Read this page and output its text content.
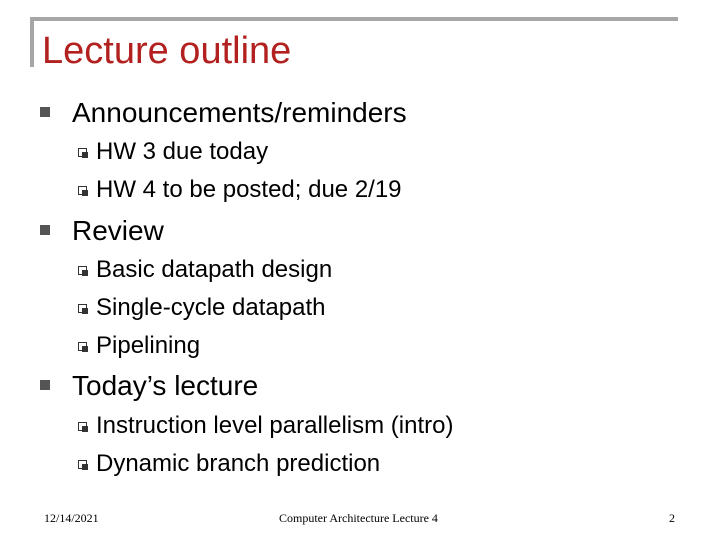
Lecture outline
Announcements/reminders
HW 3 due today
HW 4 to be posted; due 2/19
Review
Basic datapath design
Single-cycle datapath
Pipelining
Today’s lecture
Instruction level parallelism (intro)
Dynamic branch prediction
12/14/2021	Computer Architecture Lecture 4	2
